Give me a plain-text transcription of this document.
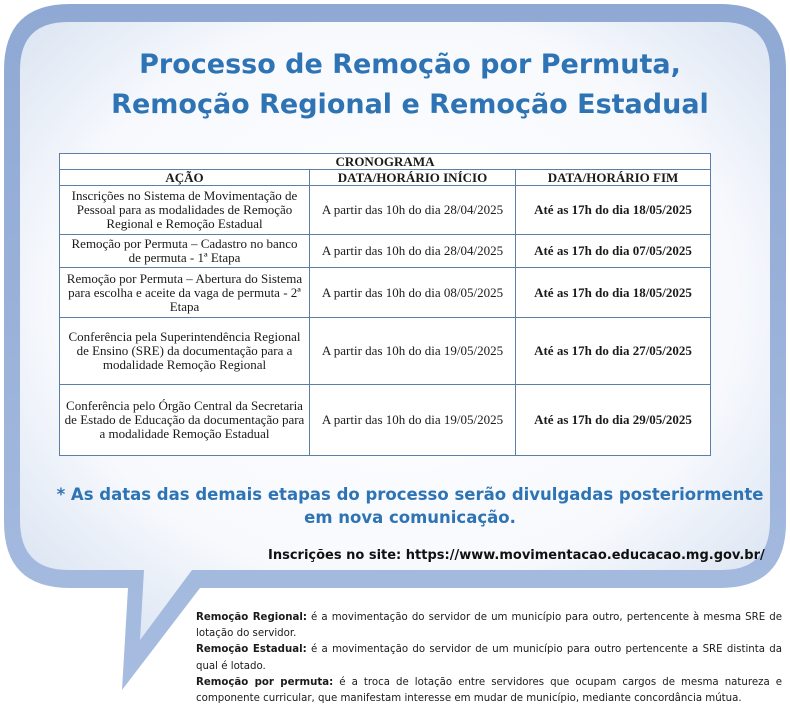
Processo de Remoção por Permuta,
Remoção Regional e Remoção Estadual
CRONOGRAMA		
AÇÃO	DATA/HORÁRIO INÍCIO	DATA/HORÁRIO FIM
Inscrições no Sistema de Movimentação de Pessoal para as modalidades de Remoção Regional e Remoção Estadual	A partir das 10h do dia 28/04/2025	Até as 17h do dia 18/05/2025
Remoção por Permuta – Cadastro no banco de permuta - 1ª Etapa	A partir das 10h do dia 28/04/2025	Até as 17h do dia 07/05/2025
Remoção por Permuta – Abertura do Sistema para escolha e aceite da vaga de permuta - 2ª Etapa	A partir das 10h do dia 08/05/2025	Até as 17h do dia 18/05/2025
Conferência pela Superintendência Regional de Ensino (SRE) da documentação para a modalidade Remoção Regional	A partir das 10h do dia 19/05/2025	Até as 17h do dia 27/05/2025
Conferência pelo Órgão Central da Secretaria de Estado de Educação da documentação para a modalidade Remoção Estadual	A partir das 10h do dia 19/05/2025	Até as 17h do dia 29/05/2025
* As datas das demais etapas do processo serão divulgadas posteriormente em nova comunicação.
Inscrições no site: https://www.movimentacao.educacao.mg.gov.br/

Remoção Regional: é a movimentação do servidor de um município para outro, pertencente à mesma SRE de lotação do servidor.

Remoção Estadual: é a movimentação do servidor de um município para outro pertencente a SRE distinta da qual é lotado.

Remoção por permuta: é a troca de lotação entre servidores que ocupam cargos de mesma natureza e componente curricular, que manifestam interesse em mudar de município, mediante concordância mútua.
